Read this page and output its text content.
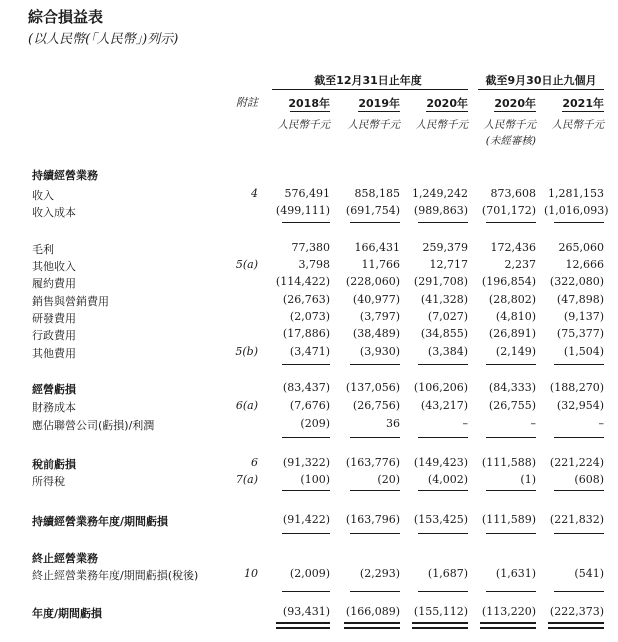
綜合損益表
(以人民幣(「人民幣」)列示)
截至12月31日止年度	截至9月30日止九個月
附註	2018年	2019年	2020年	2020年	2021年
人民幣千元	人民幣千元	人民幣千元	人民幣千元	人民幣千元
(未經審核)
持續經營業務
收入	4	576,491	858,185	1,249,242	873,608	1,281,153
收入成本	(499,111)	(691,754)	(989,863)	(701,172) (1,016,093)
毛利	77,380	166,431	259,379	172,436	265,060
其他收入	5(a)	3,798	11,766	12,717	2,237	12,666
履約費用	(114,422)	(228,060)	(291,708)	(196,854)	(322,080)
銷售與營銷費用	(26,763)	(40,977)	(41,328)	(28,802)	(47,898)
研發費用	(2,073)	(3,797)	(7,027)	(4,810)	(9,137)
行政費用	(17,886)	(38,489)	(34,855)	(26,891)	(75,377)
其他費用	5(b)	(3,471)	(3,930)	(3,384)	(2,149)	(1,504)
經營虧損	(83,437)	(137,056)	(106,206)	(84,333)	(188,270)
財務成本	6(a)	(7,676)	(26,756)	(43,217)	(26,755)	(32,954)
應佔聯營公司(虧損)/利潤	(209)	36	–	–	–
稅前虧損	6	(91,322)	(163,776)	(149,423)	(111,588)	(221,224)
所得稅	7(a)	(100)	(20)	(4,002)	(1)	(608)
持續經營業務年度/期間虧損	(91,422)	(163,796)	(153,425)	(111,589)	(221,832)
終止經營業務
終止經營業務年度/期間虧損(稅後)	10	(2,009)	(2,293)	(1,687)	(1,631)	(541)
年度/期間虧損	(93,431)	(166,089)	(155,112)	(113,220)	(222,373)
